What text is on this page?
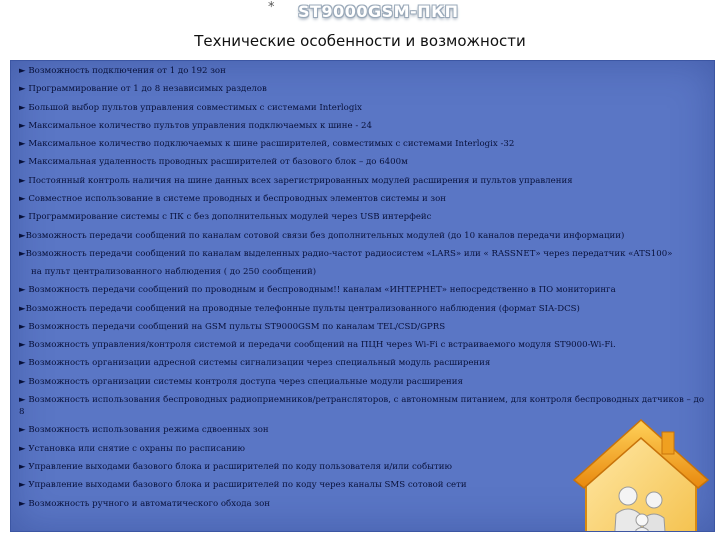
* ST9000GSM-ПКП
Технические особенности и возможности
► Возможность подключения от 1 до 192 зон
► Программирование от 1 до 8 независимых разделов
► Большой выбор пультов управления совместимых с системами Interlogix
► Максимальное количество пультов управления подключаемых к шине - 24
► Максимальное количество подключаемых к шине расширителей, совместимых с системами Interlogix -32
► Максимальная удаленность проводных расширителей от базового блок – до 6400м
► Постоянный контроль наличия на шине данных всех зарегистрированных модулей расширения и пультов управления
► Совместное использование в системе проводных и беспроводных элементов системы и зон
► Программирование системы с ПК с без дополнительных модулей через USB интерфейс
►Возможность передачи сообщений по каналам сотовой связи без дополнительных модулей (до 10 каналов передачи информации)
►Возможность передачи сообщений по каналам выделенных радио-частот радиосистем «LARS» или « RASSNET» через передатчик «ATS100»
на пульт централизованного наблюдения ( до 250 сообщений)
► Возможность передачи сообщений по проводным и беспроводным!! каналам «ИНТЕРНЕТ» непосредственно в ПО мониторинга
►Возможность передачи сообщений на проводные телефонные пульты централизованного наблюдения (формат SIA-DCS)
► Возможность передачи сообщений на GSM пульты ST9000GSM по каналам TEL/CSD/GPRS
► Возможность управления/контроля системой и передачи сообщений на ПЦН через Wi-Fi с встраиваемого модуля ST9000-Wi-Fi.
► Возможность организации адресной системы сигнализации через специальный модуль расширения
► Возможность организации системы контроля доступа через специальные модули расширения
► Возможность использования беспроводных радиоприемников/ретрансляторов, с автономным питанием, для контроля беспроводных датчиков – до 8
► Возможность использования режима сдвоенных зон
► Установка или снятие с охраны по расписанию
► Управление выходами базового блока и расширителей по коду пользователя и/или событию
► Управление выходами базового блока и расширителей по коду через каналы SMS сотовой сети
► Возможность ручного и автоматического обхода зон
